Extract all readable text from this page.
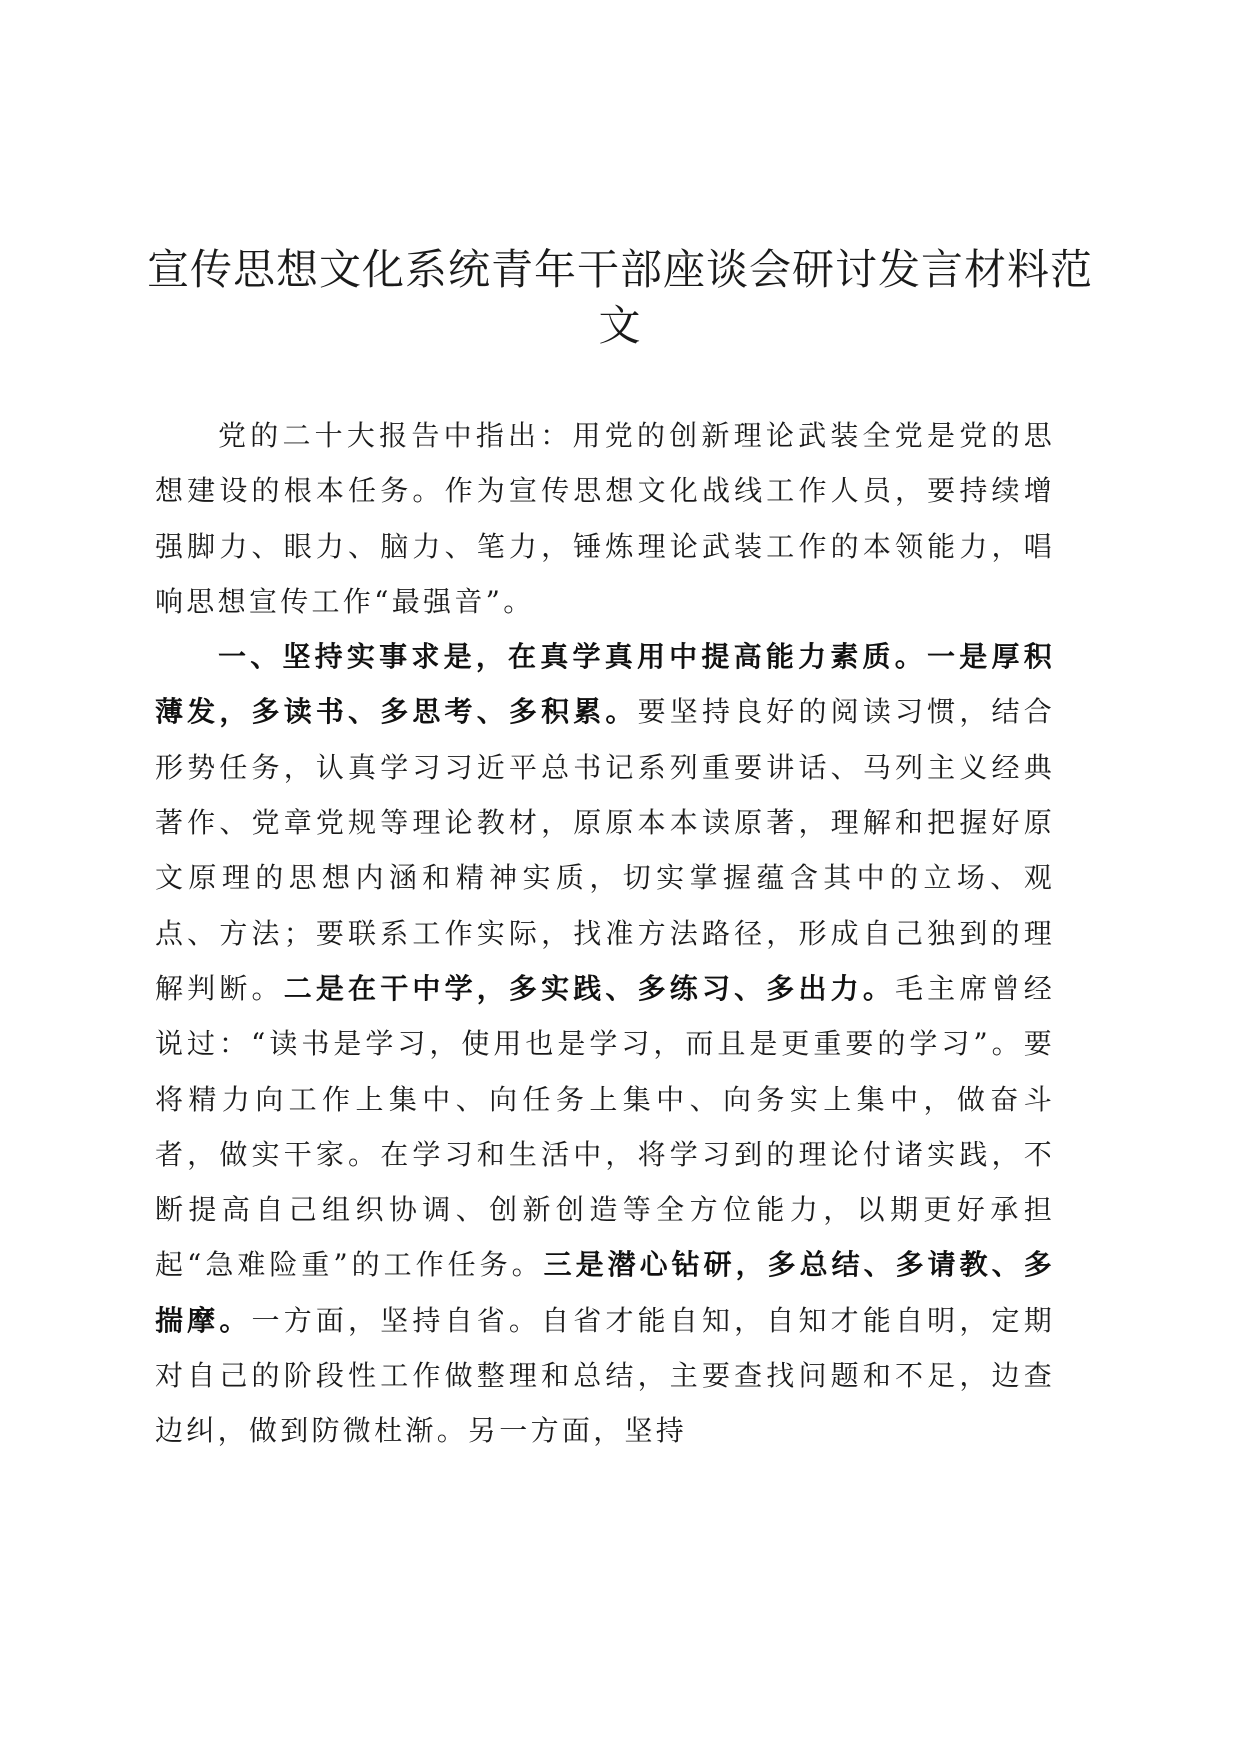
宣传思想文化系统青年干部座谈会研讨发言材料范文

党的二十大报告中指出：用党的创新理论武装全党是党的思想建设的根本任务。作为宣传思想文化战线工作人员，要持续增强脚力、眼力、脑力、笔力，锤炼理论武装工作的本领能力，唱响思想宣传工作“最强音”。

一、坚持实事求是，在真学真用中提高能力素质。一是厚积薄发，多读书、多思考、多积累。要坚持良好的阅读习惯，结合形势任务，认真学习习近平总书记系列重要讲话、马列主义经典著作、党章党规等理论教材，原原本本读原著，理解和把握好原文原理的思想内涵和精神实质，切实掌握蕴含其中的立场、观点、方法；要联系工作实际，找准方法路径，形成自己独到的理解判断。二是在干中学，多实践、多练习、多出力。毛主席曾经说过：“读书是学习，使用也是学习，而且是更重要的学习”。要将精力向工作上集中、向任务上集中、向务实上集中，做奋斗者，做实干家。在学习和生活中，将学习到的理论付诸实践，不断提高自己组织协调、创新创造等全方位能力，以期更好承担起“急难险重”的工作任务。三是潜心钻研，多总结、多请教、多揣摩。一方面，坚持自省。自省才能自知，自知才能自明，定期对自己的阶段性工作做整理和总结，主要查找问题和不足，边查边纠，做到防微杜渐。另一方面，坚持
